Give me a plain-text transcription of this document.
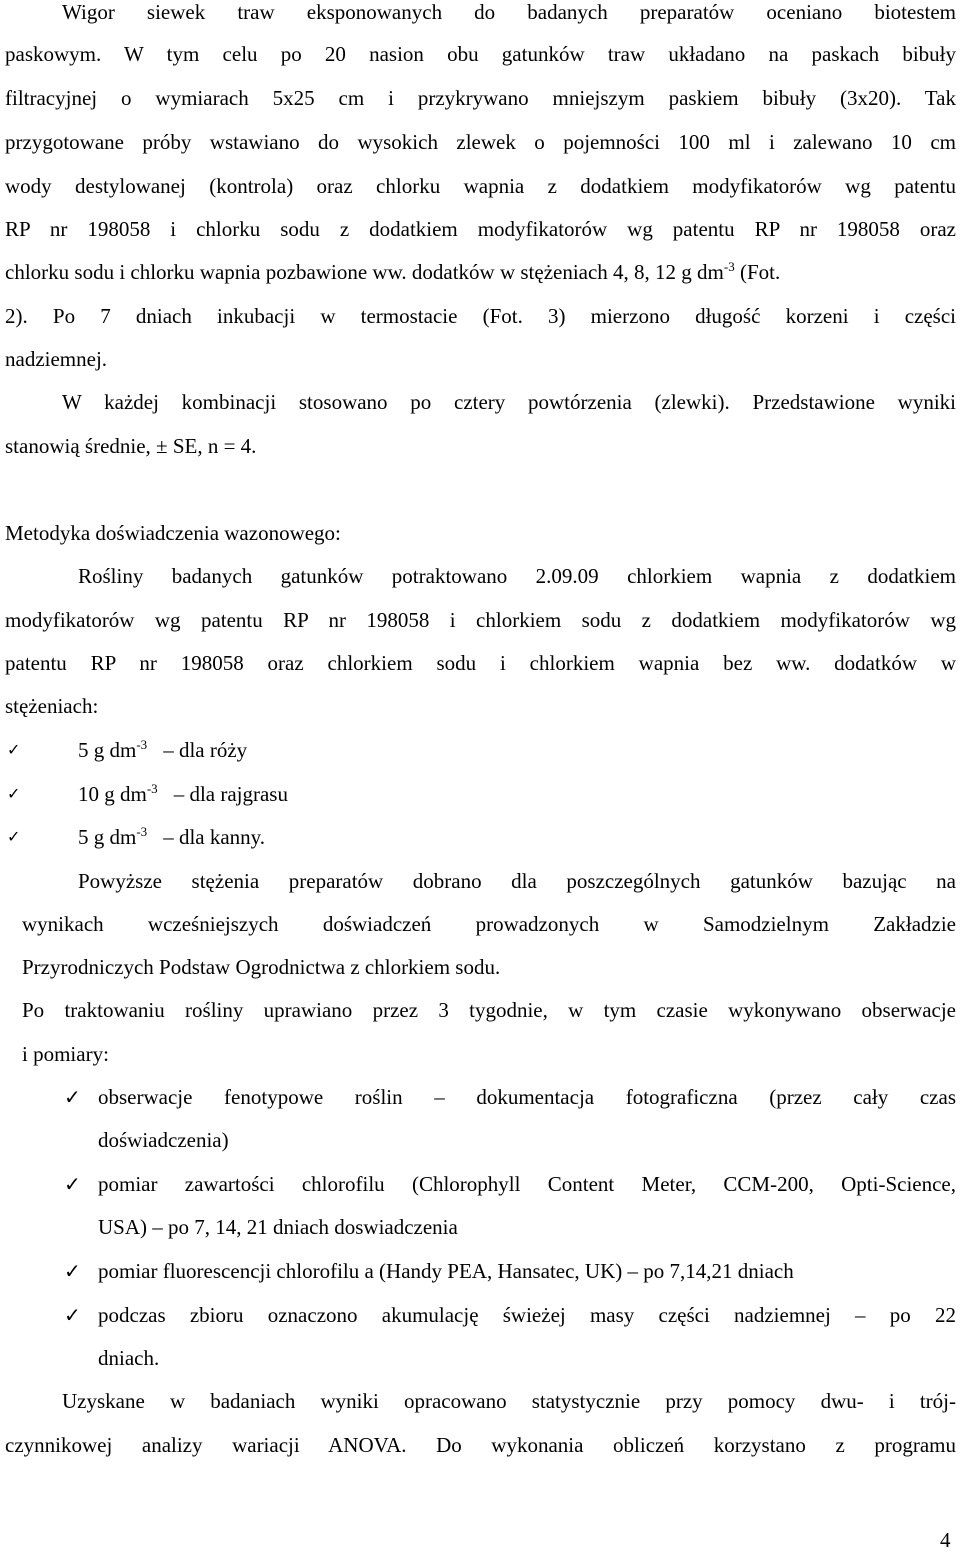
Wigor siewek traw eksponowanych do badanych preparatów oceniano biotestem
paskowym. W tym celu po 20 nasion obu gatunków traw układano na paskach bibuły
filtracyjnej o wymiarach 5x25 cm i przykrywano mniejszym paskiem bibuły (3x20). Tak
przygotowane próby wstawiano do wysokich zlewek o pojemności 100 ml i zalewano 10 cm
wody destylowanej (kontrola) oraz chlorku wapnia z dodatkiem modyfikatorów wg patentu
RP nr 198058 i chlorku sodu z dodatkiem modyfikatorów wg patentu RP nr 198058 oraz
chlorku sodu i chlorku wapnia pozbawione ww. dodatków w stężeniach 4, 8, 12 g $dm^{-3}$ (Fot.
2). Po 7 dniach inkubacji w termostacie (Fot. 3) mierzono długość korzeni i części
nadziemnej.
W każdej kombinacji stosowano po cztery powtórzenia (zlewki). Przedstawione wyniki
stanowią średnie, ± SE, n = 4.
Metodyka doświadczenia wazonowego:
Rośliny badanych gatunków potraktowano 2.09.09 chlorkiem wapnia z dodatkiem
modyfikatorów wg patentu RP nr 198058 i chlorkiem sodu z dodatkiem modyfikatorów wg
patentu RP nr 198058 oraz chlorkiem sodu i chlorkiem wapnia bez ww. dodatków w
stężeniach:
✓	5 g $dm^{-3}$ – dla róży
✓	10 g $dm^{-3}$ – dla rajgrasu
✓	5 g $dm^{-3}$ – dla kanny.
Powyższe stężenia preparatów dobrano dla poszczególnych gatunków bazując na
wynikach wcześniejszych doświadczeń prowadzonych w Samodzielnym Zakładzie
Przyrodniczych Podstaw Ogrodnictwa z chlorkiem sodu.
Po traktowaniu rośliny uprawiano przez 3 tygodnie, w tym czasie wykonywano obserwacje
i pomiary:
✓ obserwacje fenotypowe roślin – dokumentacja fotograficzna (przez cały czas
doświadczenia)
✓ pomiar zawartości chlorofilu (Chlorophyll Content Meter, CCM-200, Opti-Science,
USA) – po 7, 14, 21 dniach doswiadczenia
✓ pomiar fluorescencji chlorofilu a (Handy PEA, Hansatec, UK) – po 7,14,21 dniach
✓ podczas zbioru oznaczono akumulację świeżej masy części nadziemnej – po 22
dniach.
Uzyskane w badaniach wyniki opracowano statystycznie przy pomocy dwu- i trój-
czynnikowej analizy wariacji ANOVA. Do wykonania obliczeń korzystano z programu
4
